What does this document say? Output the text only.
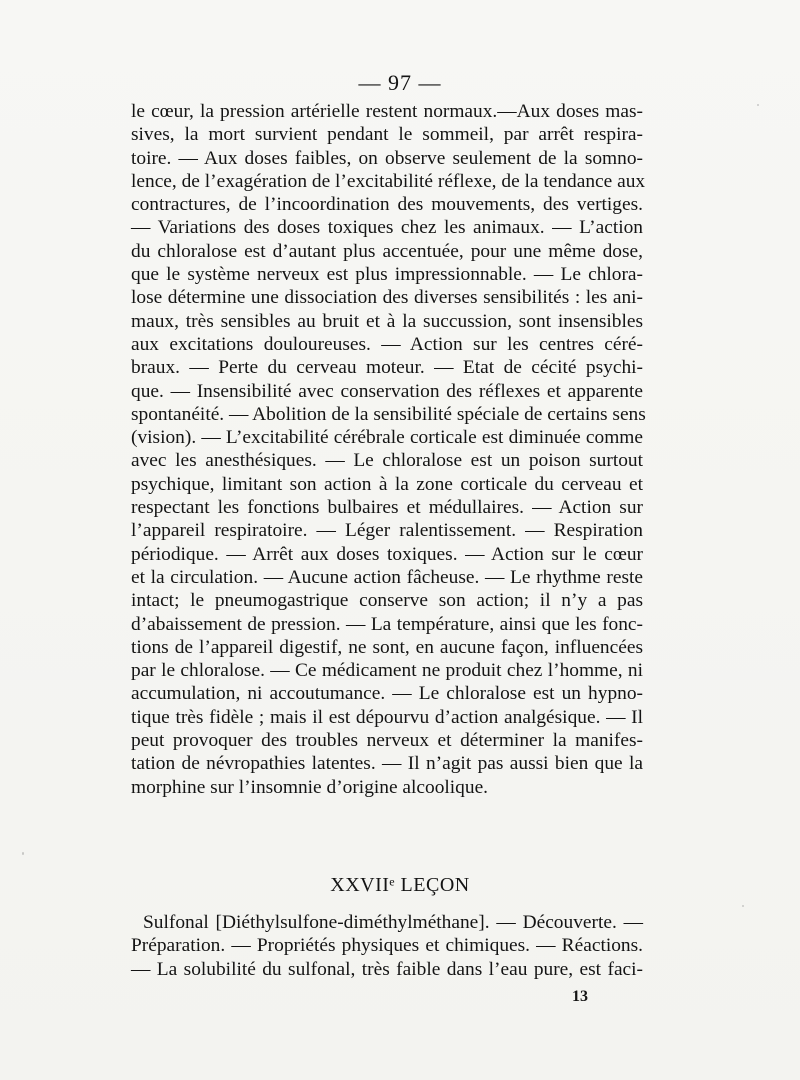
— 97 —
le cœur, la pression artérielle restent normaux.—Aux doses mas-
sives, la mort survient pendant le sommeil, par arrêt respira-
toire. — Aux doses faibles, on observe seulement de la somno-
lence, de l’exagération de l’excitabilité réflexe, de la tendance aux
contractures, de l’incoordination des mouvements, des vertiges.
— Variations des doses toxiques chez les animaux. — L’action
du chloralose est d’autant plus accentuée, pour une même dose,
que le système nerveux est plus impressionnable. — Le chlora-
lose détermine une dissociation des diverses sensibilités : les ani-
maux, très sensibles au bruit et à la succussion, sont insensibles
aux excitations douloureuses. — Action sur les centres céré-
braux. — Perte du cerveau moteur. — Etat de cécité psychi-
que. — Insensibilité avec conservation des réflexes et apparente
spontanéité. — Abolition de la sensibilité spéciale de certains sens
(vision). — L’excitabilité cérébrale corticale est diminuée comme
avec les anesthésiques. — Le chloralose est un poison surtout
psychique, limitant son action à la zone corticale du cerveau et
respectant les fonctions bulbaires et médullaires. — Action sur
l’appareil respiratoire. — Léger ralentissement. — Respiration
périodique. — Arrêt aux doses toxiques. — Action sur le cœur
et la circulation. — Aucune action fâcheuse. — Le rhythme reste
intact; le pneumogastrique conserve son action; il n’y a pas
d’abaissement de pression. — La température, ainsi que les fonc-
tions de l’appareil digestif, ne sont, en aucune façon, influencées
par le chloralose. — Ce médicament ne produit chez l’homme, ni
accumulation, ni accoutumance. — Le chloralose est un hypno-
tique très fidèle ; mais il est dépourvu d’action analgésique. — Il
peut provoquer des troubles nerveux et déterminer la manifes-
tation de névropathies latentes. — Il n’agit pas aussi bien que la
morphine sur l’insomnie d’origine alcoolique.
XXVIIᵉ LEÇON
Sulfonal [Diéthylsulfone-diméthylméthane]. — Découverte. —
Préparation. — Propriétés physiques et chimiques. — Réactions.
— La solubilité du sulfonal, très faible dans l’eau pure, est faci-
13
